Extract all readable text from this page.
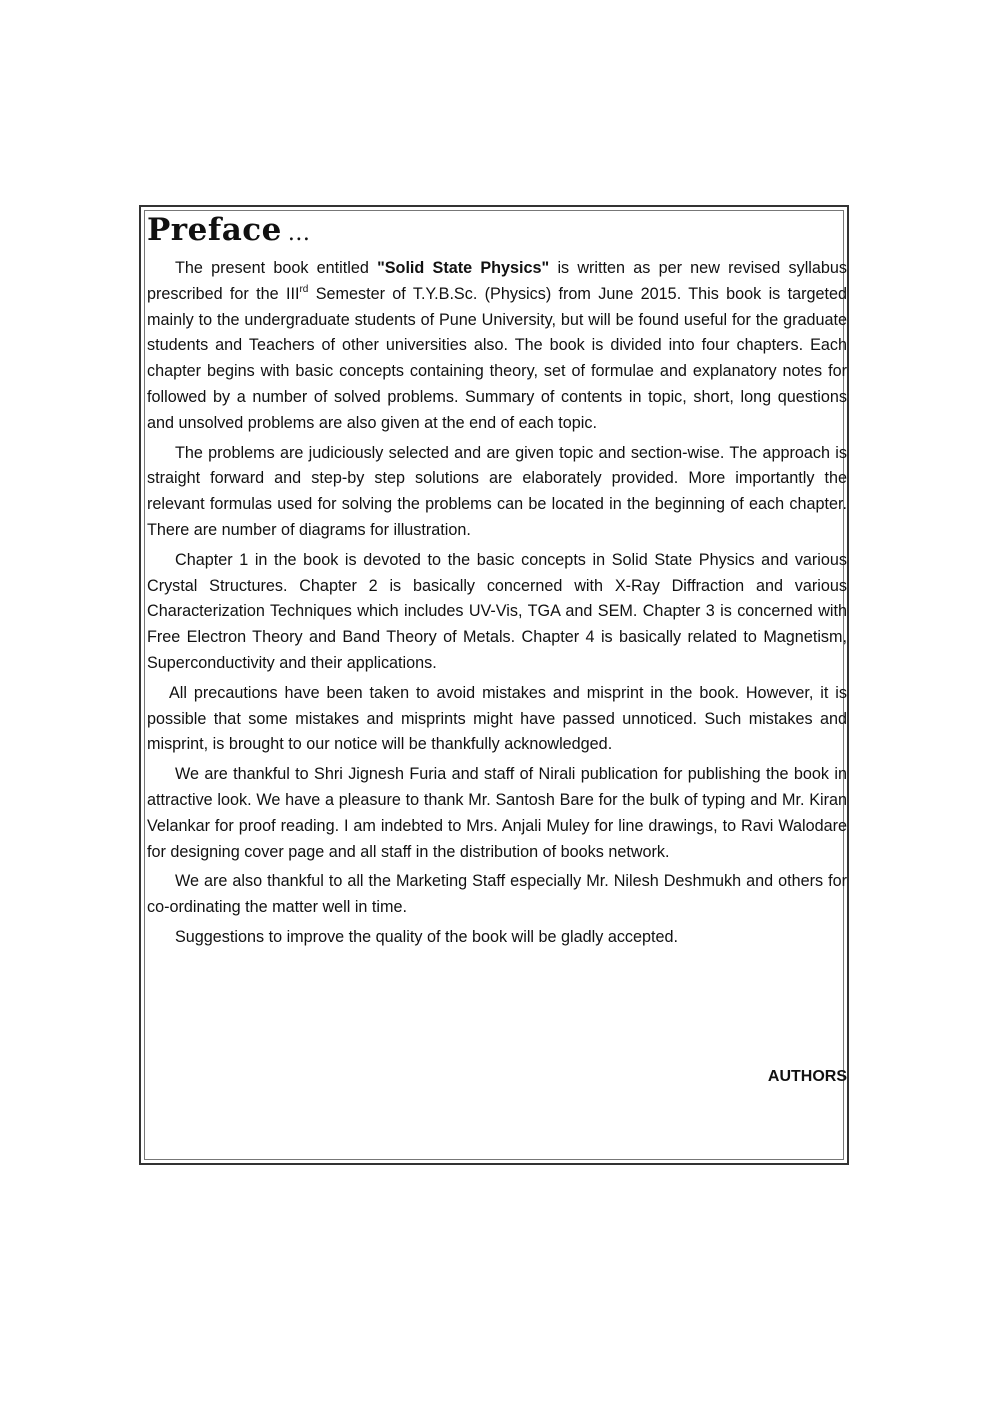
Preface ...

The present book entitled "Solid State Physics" is written as per new revised syllabus prescribed for the IIIrd Semester of T.Y.B.Sc. (Physics) from June 2015. This book is targeted mainly to the undergraduate students of Pune University, but will be found useful for the graduate students and Teachers of other universities also. The book is divided into four chapters. Each chapter begins with basic concepts containing theory, set of formulae and explanatory notes for followed by a number of solved problems. Summary of contents in topic, short, long questions and unsolved problems are also given at the end of each topic.

The problems are judiciously selected and are given topic and section-wise. The approach is straight forward and step-by step solutions are elaborately provided. More importantly the relevant formulas used for solving the problems can be located in the beginning of each chapter. There are number of diagrams for illustration.

Chapter 1 in the book is devoted to the basic concepts in Solid State Physics and various Crystal Structures. Chapter 2 is basically concerned with X-Ray Diffraction and various Characterization Techniques which includes UV-Vis, TGA and SEM. Chapter 3 is concerned with Free Electron Theory and Band Theory of Metals. Chapter 4 is basically related to Magnetism, Superconductivity and their applications.

All precautions have been taken to avoid mistakes and misprint in the book. However, it is possible that some mistakes and misprints might have passed unnoticed. Such mistakes and misprint, is brought to our notice will be thankfully acknowledged.

We are thankful to Shri Jignesh Furia and staff of Nirali publication for publishing the book in attractive look. We have a pleasure to thank Mr. Santosh Bare for the bulk of typing and Mr. Kiran Velankar for proof reading. I am indebted to Mrs. Anjali Muley for line drawings, to Ravi Walodare for designing cover page and all staff in the distribution of books network.

We are also thankful to all the Marketing Staff especially Mr. Nilesh Deshmukh and others for co-ordinating the matter well in time.

Suggestions to improve the quality of the book will be gladly accepted.

AUTHORS
